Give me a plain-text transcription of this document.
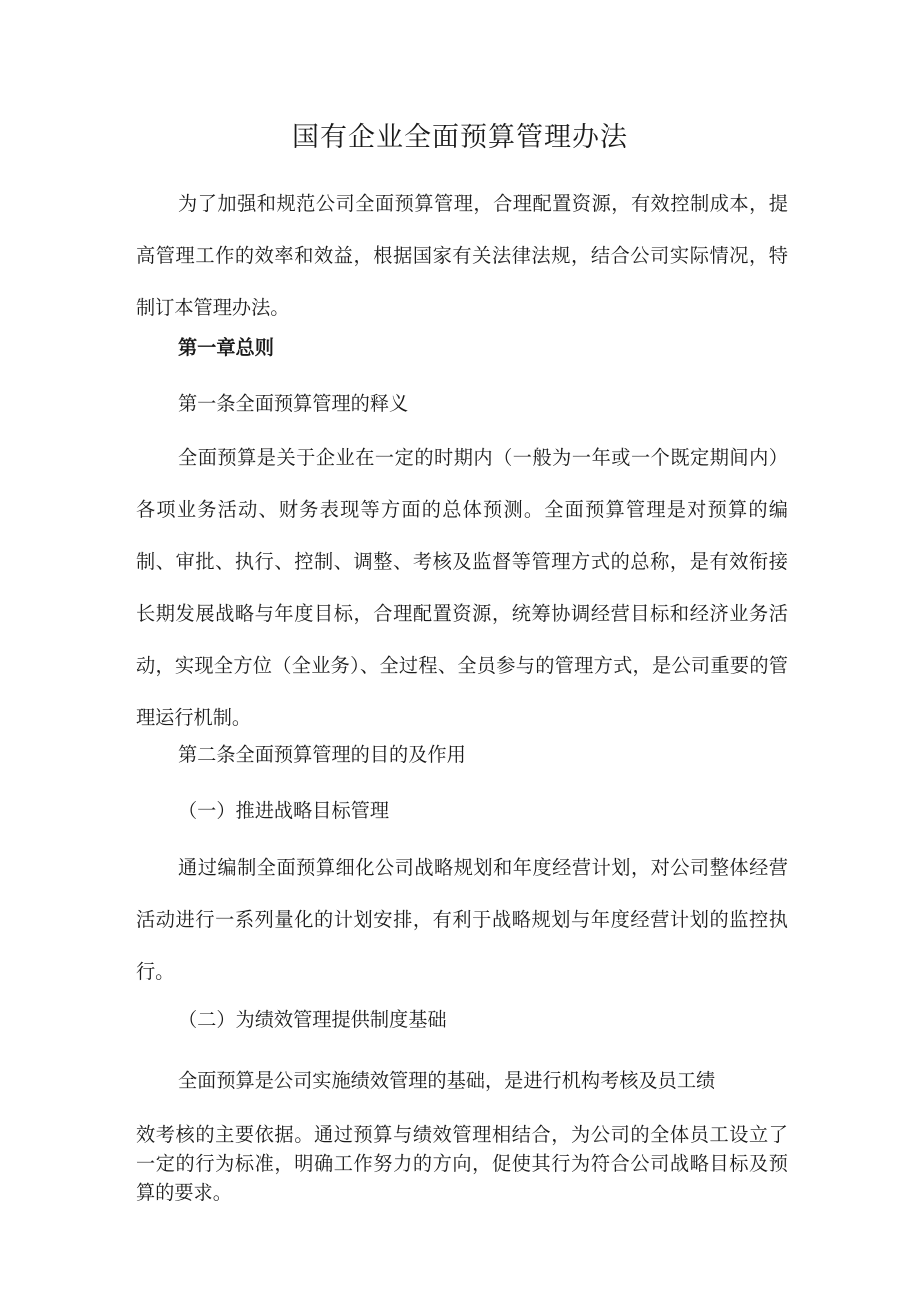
国有企业全面预算管理办法

为了加强和规范公司全面预算管理，合理配置资源，有效控制成本，提高管理工作的效率和效益，根据国家有关法律法规，结合公司实际情况，特制订本管理办法。

第一章总则

第一条全面预算管理的释义

全面预算是关于企业在一定的时期内（一般为一年或一个既定期间内）各项业务活动、财务表现等方面的总体预测。全面预算管理是对预算的编制、审批、执行、控制、调整、考核及监督等管理方式的总称，是有效衔接长期发展战略与年度目标，合理配置资源，统筹协调经营目标和经济业务活动，实现全方位（全业务）、全过程、全员参与的管理方式，是公司重要的管理运行机制。

第二条全面预算管理的目的及作用

（一）推进战略目标管理

通过编制全面预算细化公司战略规划和年度经营计划，对公司整体经营活动进行一系列量化的计划安排，有利于战略规划与年度经营计划的监控执行。

（二）为绩效管理提供制度基础

全面预算是公司实施绩效管理的基础，是进行机构考核及员工绩

效考核的主要依据。通过预算与绩效管理相结合，为公司的全体员工设立了一定的行为标准，明确工作努力的方向，促使其行为符合公司战略目标及预算的要求。
